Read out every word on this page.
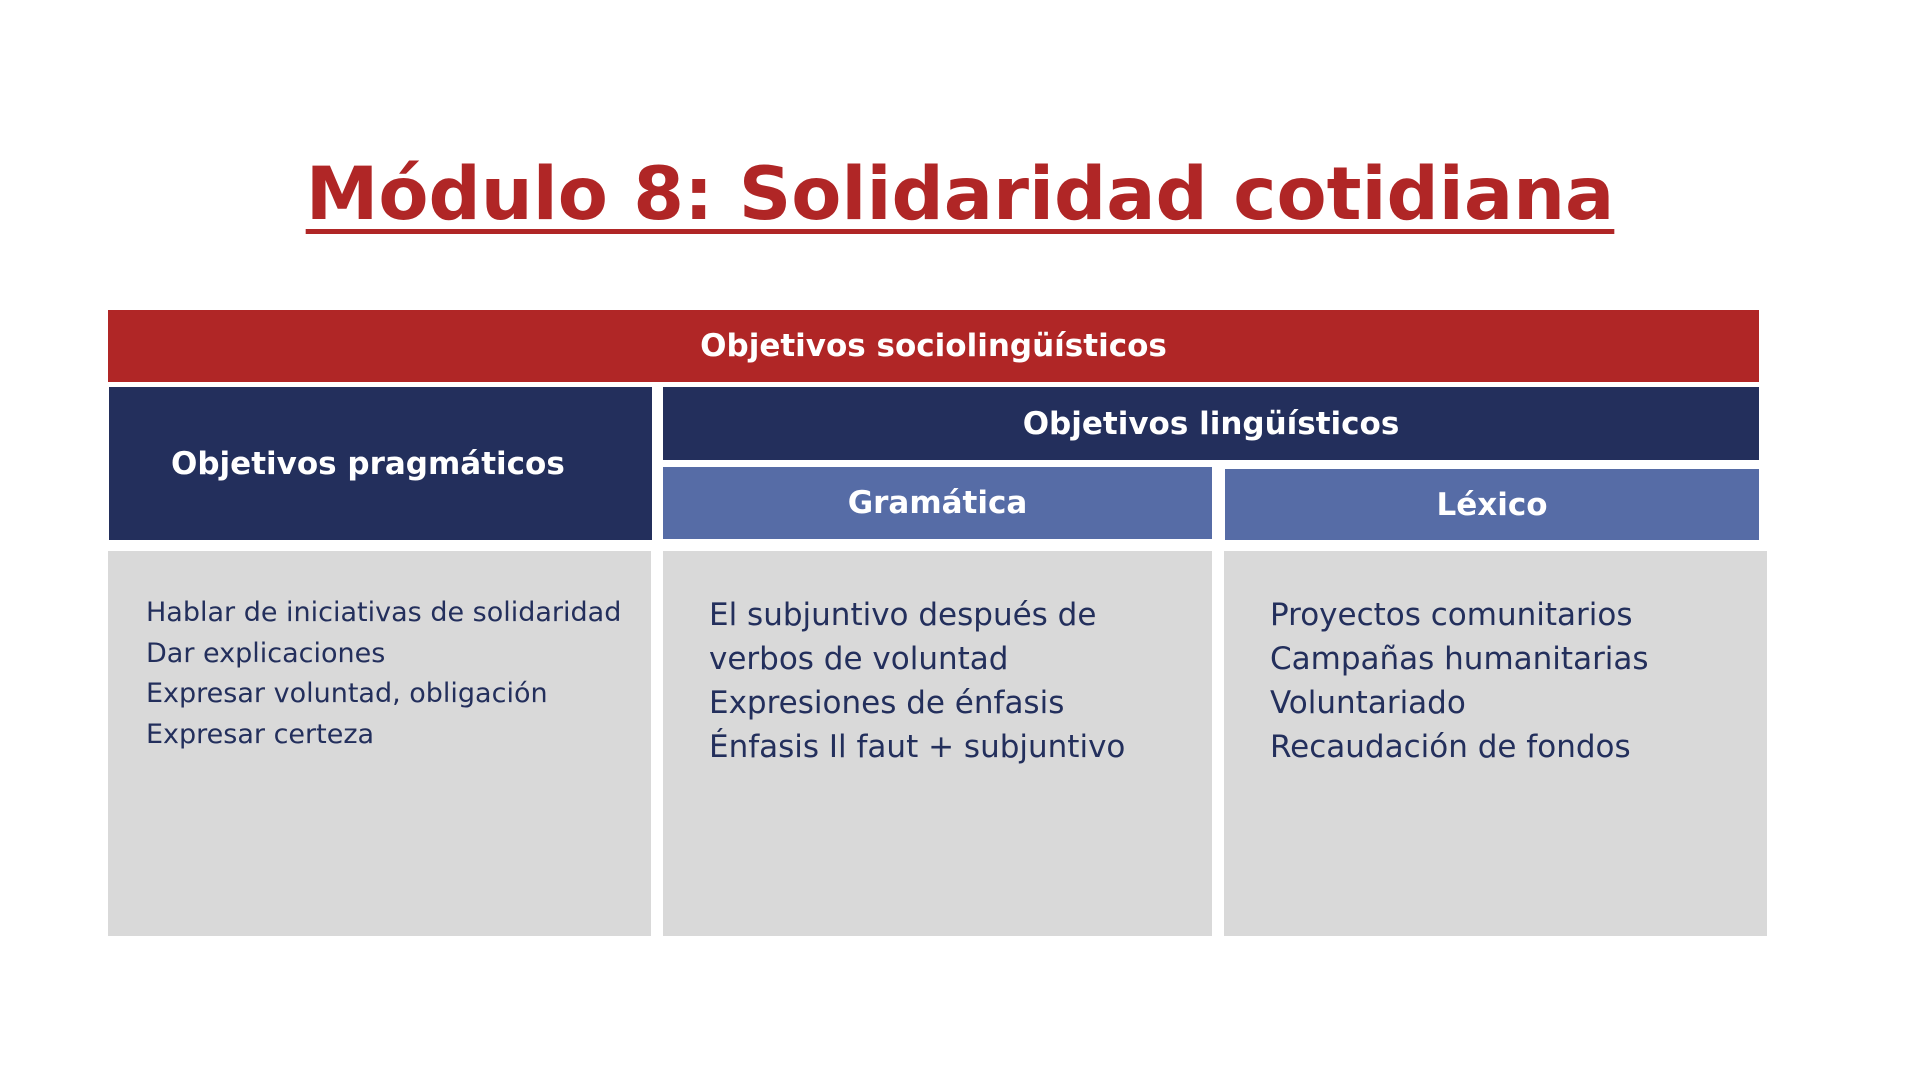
Módulo 8: Solidaridad cotidiana
Objetivos sociolingüísticos
Objetivos pragmáticos
Objetivos lingüísticos
Gramática	Léxico
Hablar de iniciativas de solidaridad
Dar explicaciones
Expresar voluntad, obligación
Expresar certeza
El subjuntivo después de verbos de voluntad
Expresiones de énfasis
Énfasis Il faut + subjuntivo
Proyectos comunitarios
Campañas humanitarias
Voluntariado
Recaudación de fondos
